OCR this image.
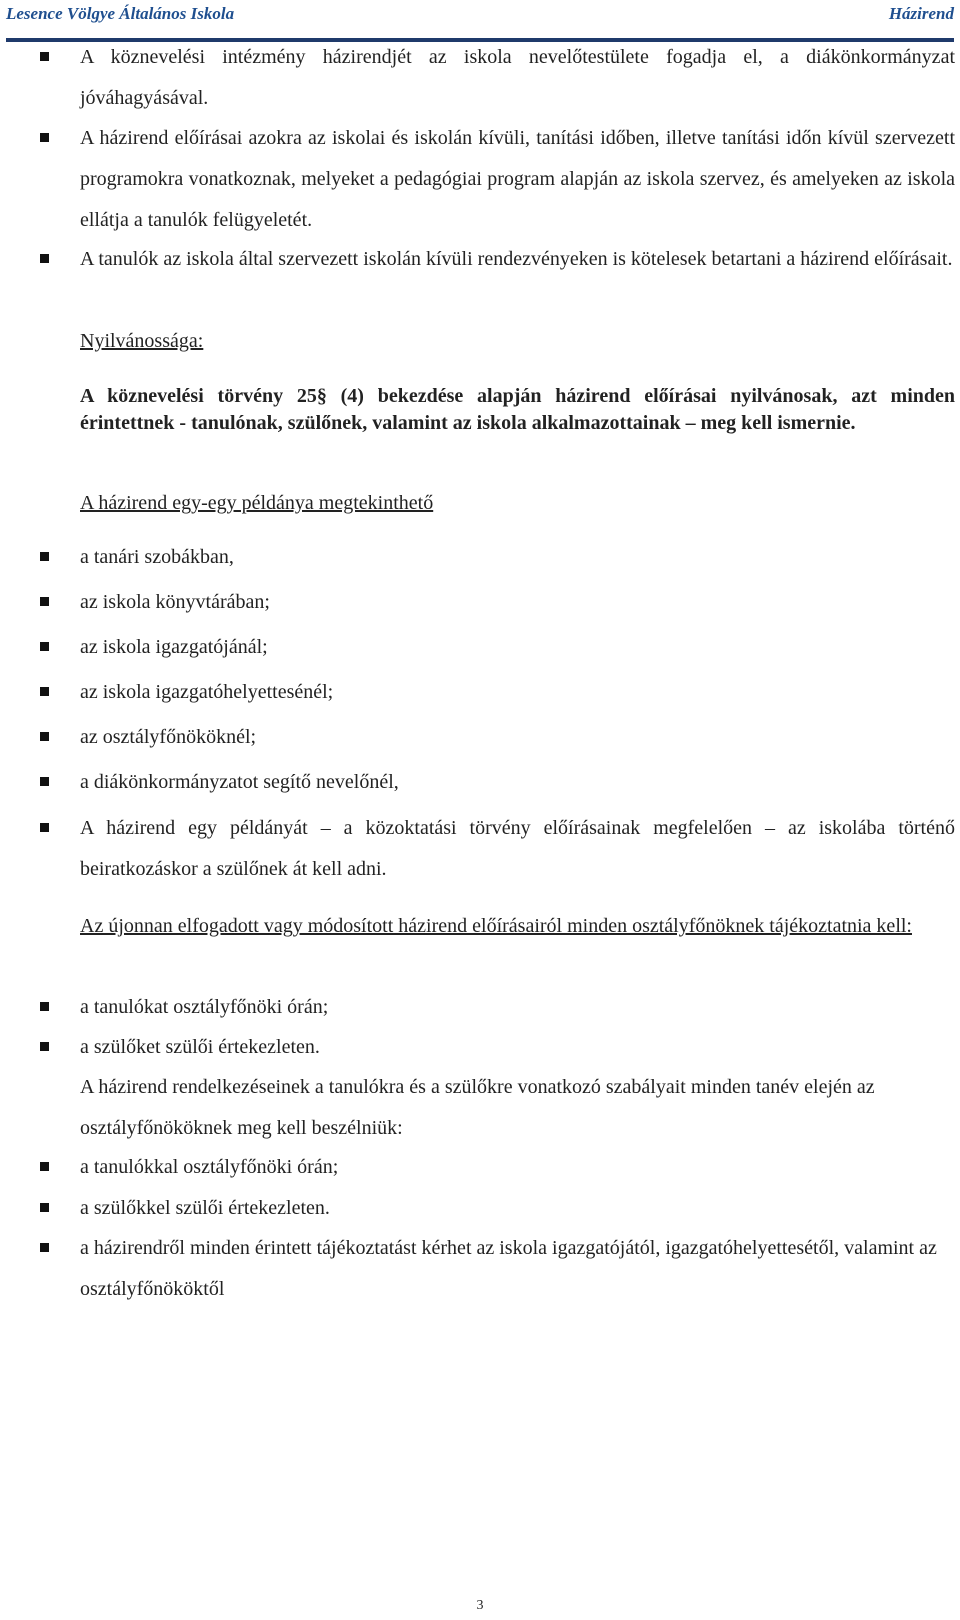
Lesence Völgye Általános Iskola	Házirend
A köznevelési intézmény házirendjét az iskola nevelőtestülete fogadja el, a diákönkormányzat jóváhagyásával.
A házirend előírásai azokra az iskolai és iskolán kívüli, tanítási időben, illetve tanítási időn kívül szervezett programokra vonatkoznak, melyeket a pedagógiai program alapján az iskola szervez, és amelyeken az iskola ellátja a tanulók felügyeletét.
A tanulók az iskola által szervezett iskolán kívüli rendezvényeken is kötelesek betartani a házirend előírásait.
Nyilvánossága:
A köznevelési törvény 25§ (4) bekezdése alapján házirend előírásai nyilvánosak, azt minden érintettnek - tanulónak, szülőnek, valamint az iskola alkalmazottainak – meg kell ismernie.
A házirend egy-egy példánya megtekinthető
a tanári szobákban,
az iskola könyvtárában;
az iskola igazgatójánál;
az iskola igazgatóhelyettesénél;
az osztályfőnököknél;
a diákönkormányzatot segítő nevelőnél,
A házirend egy példányát – a közoktatási törvény előírásainak megfelelően – az iskolába történő beiratkozáskor a szülőnek át kell adni.
Az újonnan elfogadott vagy módosított házirend előírásairól minden osztályfőnöknek tájékoztatnia kell:
a tanulókat osztályfőnöki órán;
a szülőket szülői értekezleten.
A házirend rendelkezéseinek a tanulókra és a szülőkre vonatkozó szabályait minden tanév elején az osztályfőnököknek meg kell beszélniük:
a tanulókkal osztályfőnöki órán;
a szülőkkel szülői értekezleten.
a házirendről minden érintett tájékoztatást kérhet az iskola igazgatójától, igazgatóhelyettesétől, valamint az osztályfőnököktől
3
